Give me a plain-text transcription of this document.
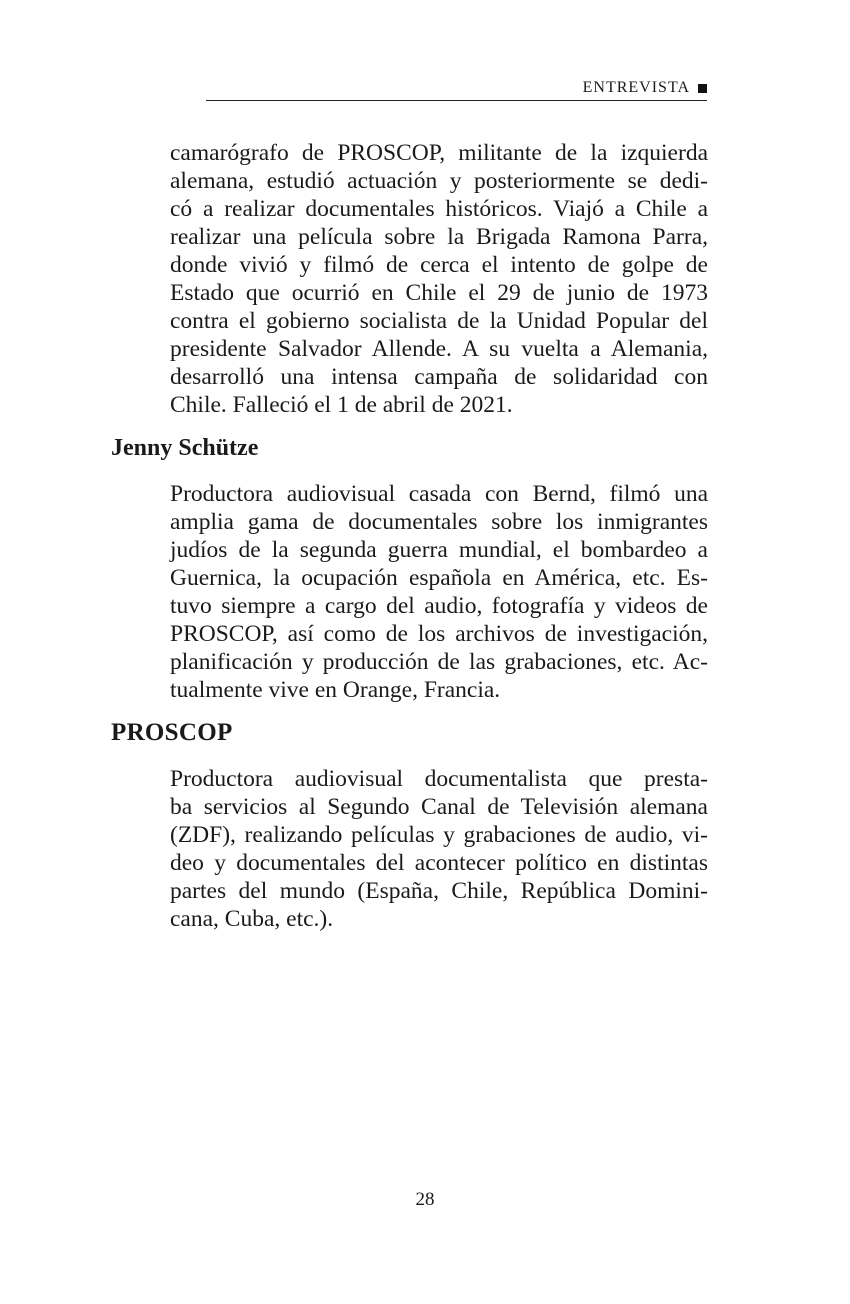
ENTREVISTA

camarógrafo de PROSCOP, militante de la izquierda
alemana, estudió actuación y posteriormente se dedi-
có a realizar documentales históricos. Viajó a Chile a
realizar una película sobre la Brigada Ramona Parra,
donde vivió y filmó de cerca el intento de golpe de
Estado que ocurrió en Chile el 29 de junio de 1973
contra el gobierno socialista de la Unidad Popular del
presidente Salvador Allende. A su vuelta a Alemania,
desarrolló una intensa campaña de solidaridad con
Chile. Falleció el 1 de abril de 2021.

Jenny Schütze

Productora audiovisual casada con Bernd, filmó una
amplia gama de documentales sobre los inmigrantes
judíos de la segunda guerra mundial, el bombardeo a
Guernica, la ocupación española en América, etc. Es-
tuvo siempre a cargo del audio, fotografía y videos de
PROSCOP, así como de los archivos de investigación,
planificación y producción de las grabaciones, etc. Ac-
tualmente vive en Orange, Francia.

PROSCOP

Productora audiovisual documentalista que presta-
ba servicios al Segundo Canal de Televisión alemana
(ZDF), realizando películas y grabaciones de audio, vi-
deo y documentales del acontecer político en distintas
partes del mundo (España, Chile, República Domini-
cana, Cuba, etc.).

28
